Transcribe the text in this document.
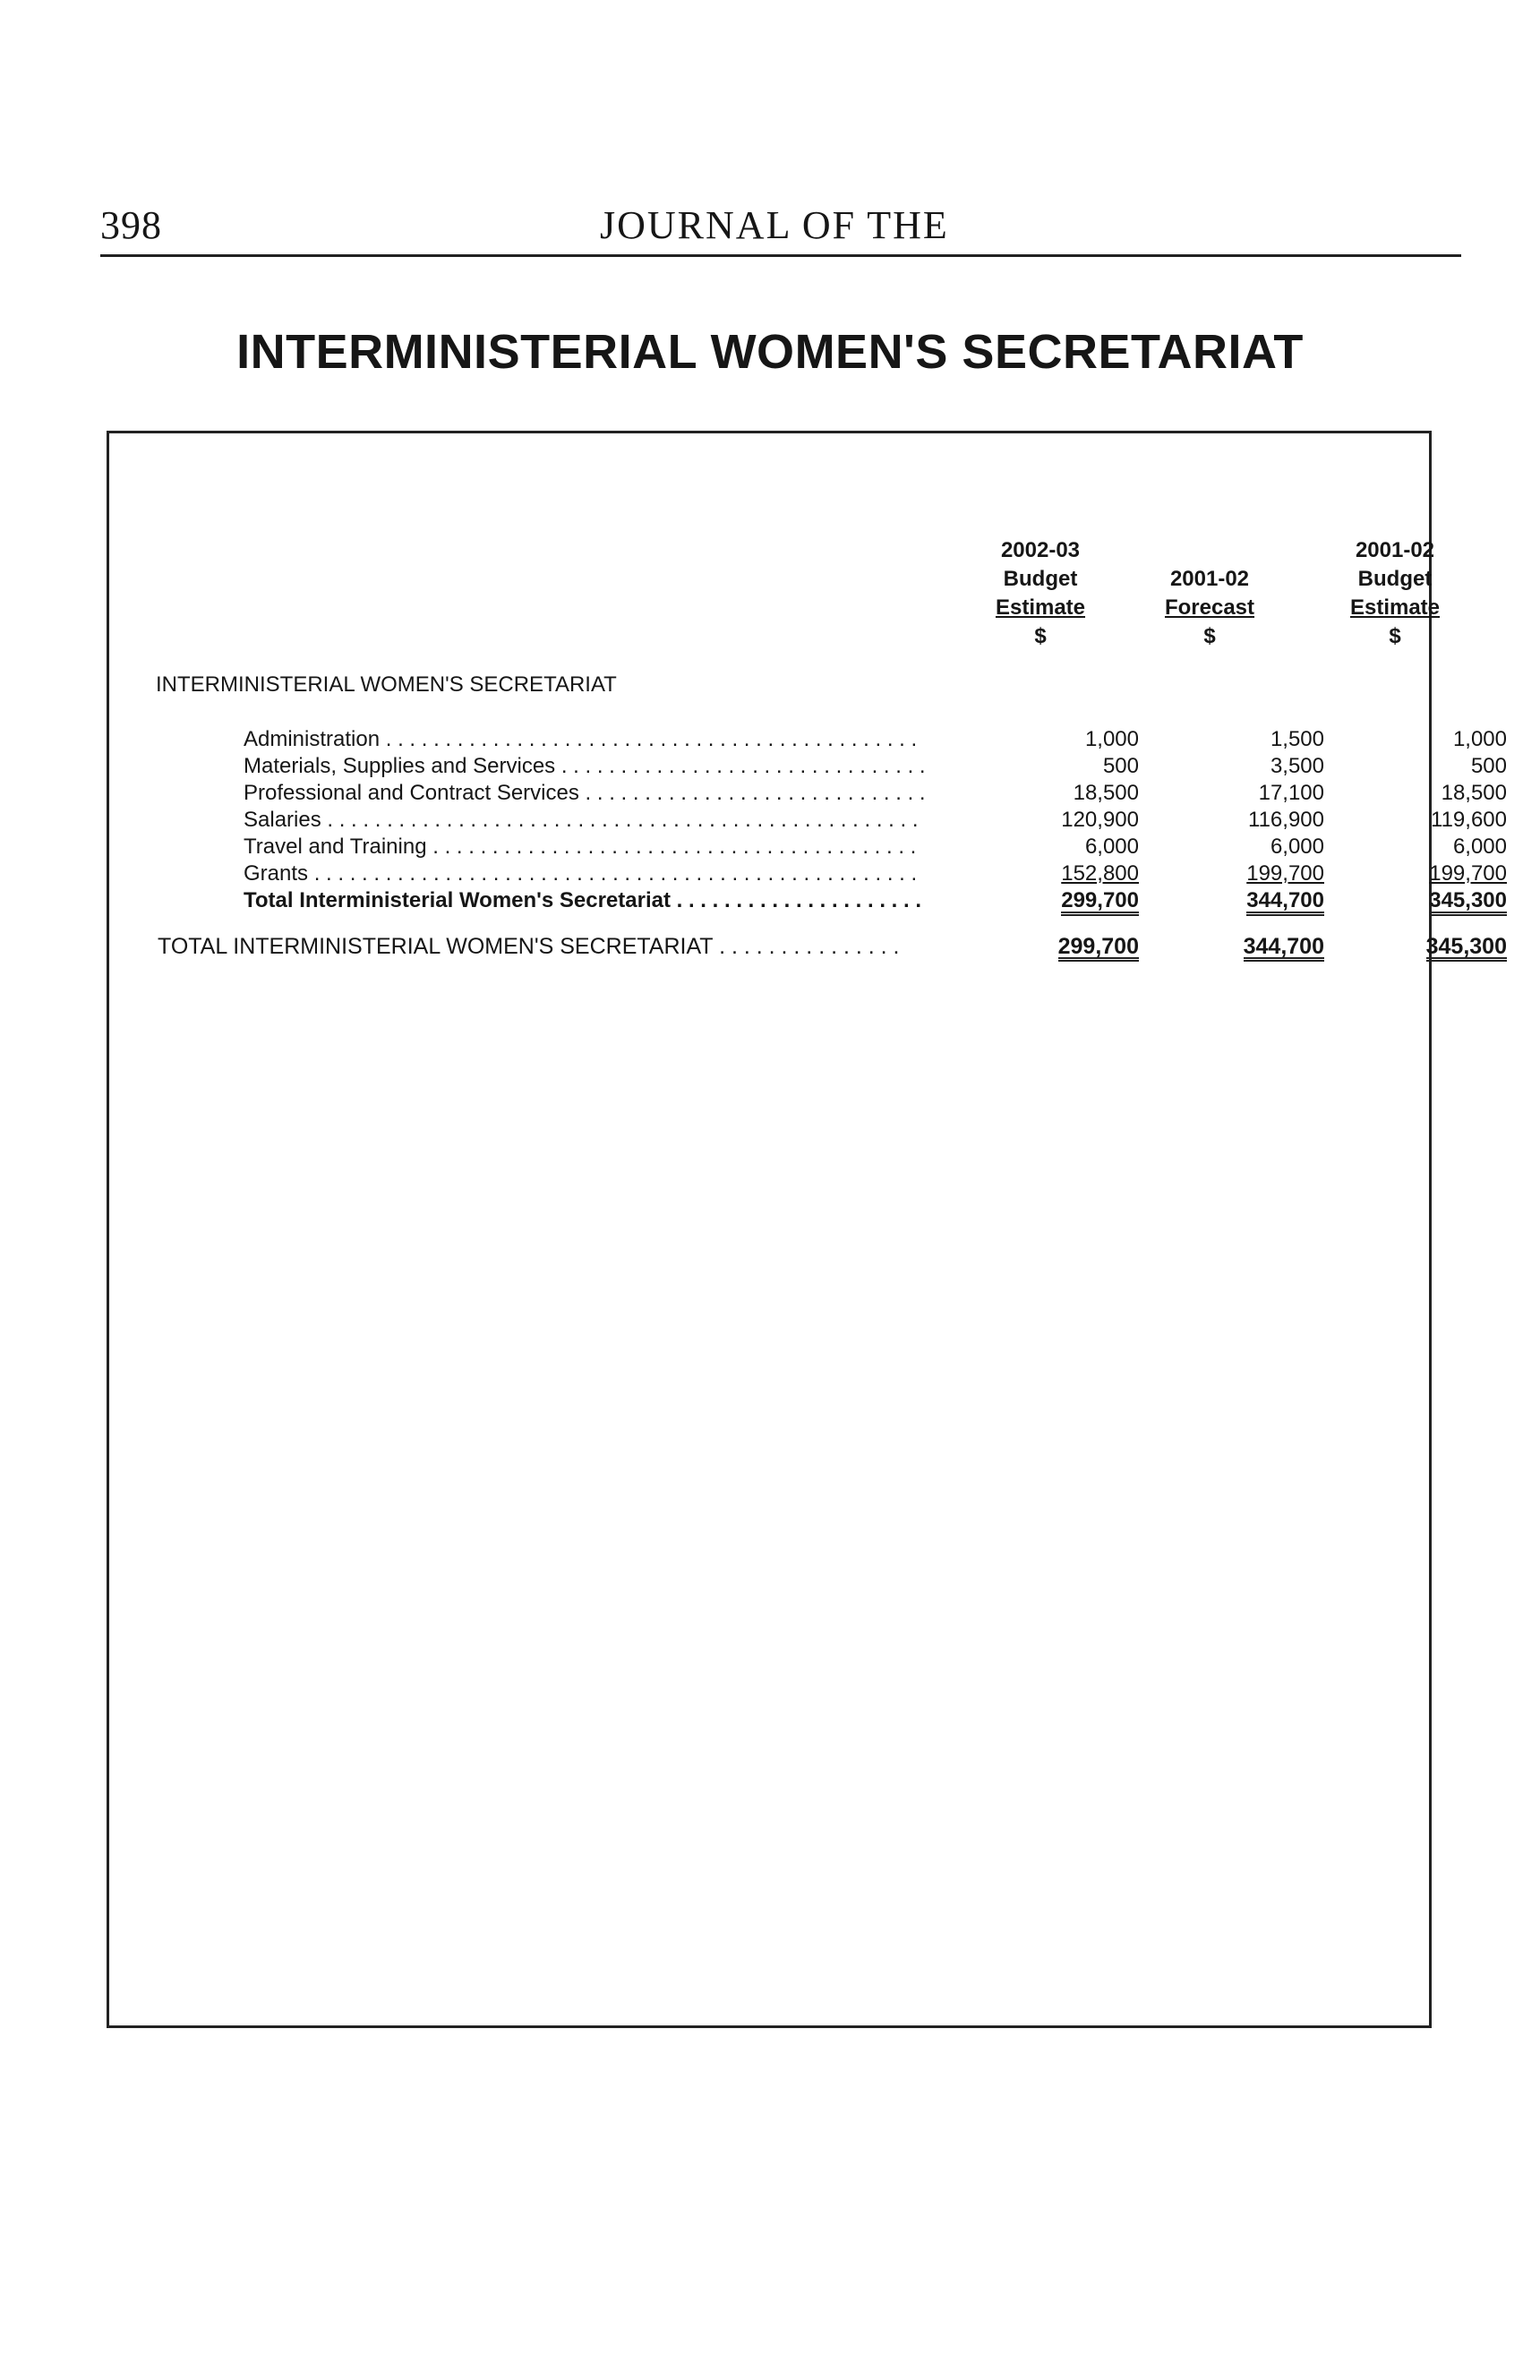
398	JOURNAL OF THE
INTERMINISTERIAL WOMEN'S SECRETARIAT
2002-03
Budget
Estimate
$

2001-02
Forecast
$
2001-02
Budget
Estimate
$
INTERMINISTERIAL WOMEN'S SECRETARIAT
Administration . . .	1,000	1,500	1,000
Materials, Supplies and Services . . .	500	3,500	500
Professional and Contract Services . . .	18,500	17,100	18,500
Salaries . . .	120,900	116,900	119,600
Travel and Training . . .	6,000	6,000	6,000
Grants . . .	152,800	199,700	199,700
Total Interministerial Women's Secretariat . . .	299,700	344,700	345,300
TOTAL INTERMINISTERIAL WOMEN'S SECRETARIAT . . .	299,700	344,700	345,300
